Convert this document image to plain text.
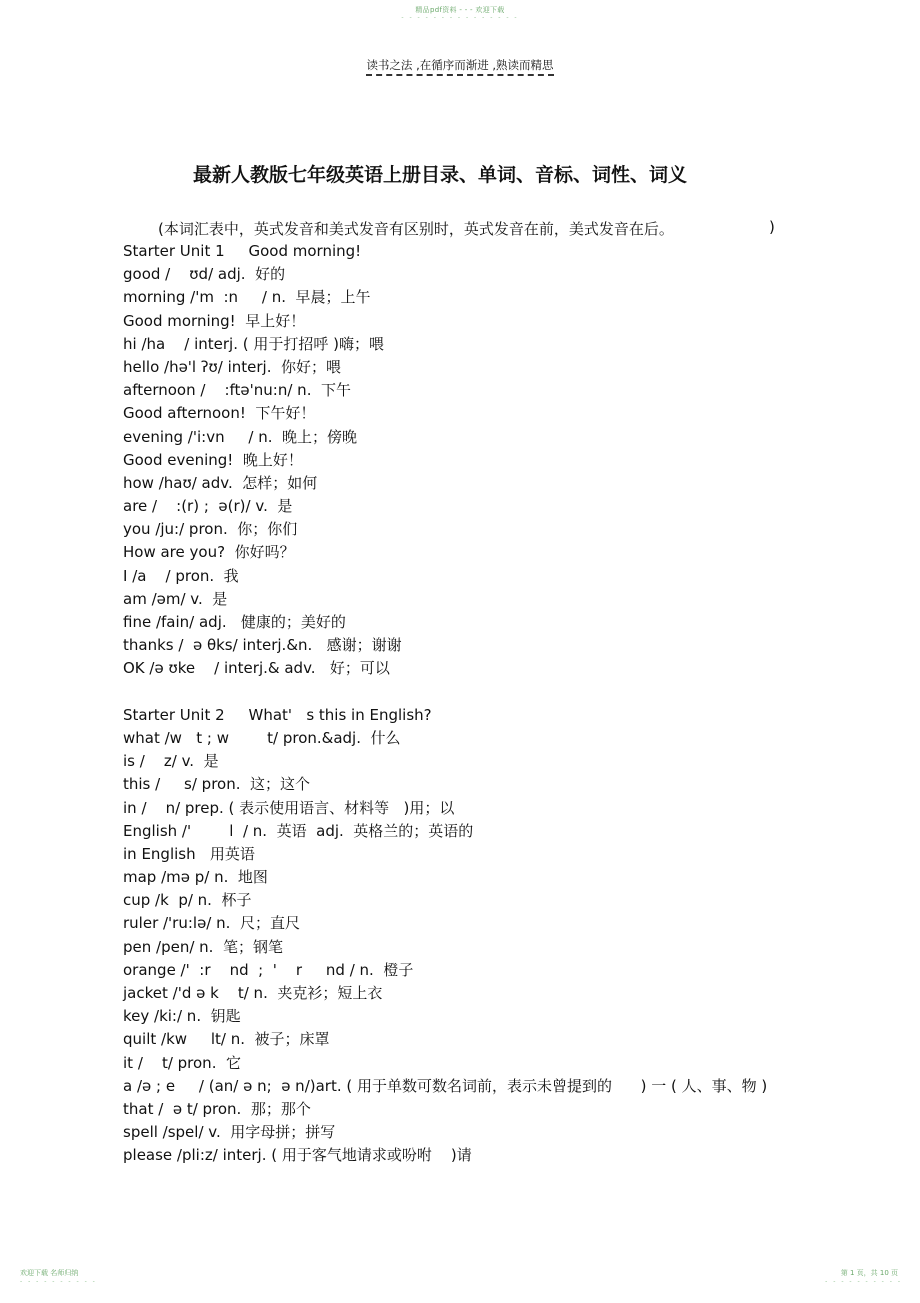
精品pdf资料 - - - 欢迎下载
- - - - - - - - - - - - - - -
读书之法 ,在循序而渐进 ,熟读而精思
最新人教版七年级英语上册目录、单词、音标、词性、词义
(本词汇表中，英式发音和美式发音有区别时，英式发音在前，美式发音在后。	)
Starter Unit 1     Good morning!
good /    ʊd/ adj.  好的
morning /'m  :n     / n.  早晨；上午
Good morning!  早上好！
hi /ha    / interj. ( 用于打招呼 )嗨；喂
hello /hə'l ʔʊ/ interj.  你好；喂
afternoon /    :ftə'nu:n/ n.  下午
Good afternoon!  下午好！
evening /'i:vn     / n.  晚上；傍晚
Good evening!  晚上好！
how /haʊ/ adv.  怎样；如何
are /    :(r) ;  ə(r)/ v.  是
you /ju:/ pron.  你；你们
How are you?  你好吗？
I /a    / pron.  我
am /əm/ v.  是
fine /fain/ adj.   健康的；美好的
thanks /  ə θks/ interj.&n.   感谢；谢谢
OK /ə ʊke    / interj.& adv.   好；可以
Starter Unit 2     What'   s this in English?
what /w   t ; w        t/ pron.&adj.  什么
is /    z/ v.  是
this /     s/ pron.  这；这个
in /    n/ prep. ( 表示使用语言、材料等   )用；以
English /'        l  / n.  英语  adj.  英格兰的；英语的
in English   用英语
map /mə p/ n.  地图
cup /k  p/ n.  杯子
ruler /'ru:lə/ n.  尺；直尺
pen /pen/ n.  笔；钢笔
orange /'  :r    nd  ;  '    r     nd / n.  橙子
jacket /'d ə k    t/ n.  夹克衫；短上衣
key /ki:/ n.  钥匙
quilt /kw     lt/ n.  被子；床罩
it /    t/ pron.  它
a /ə ; e     / (an/ ə n;  ə n/)art. ( 用于单数可数名词前，表示未曾提到的      ) 一 ( 人、事、物 )
that /  ə t/ pron.  那；那个
spell /spel/ v.  用字母拼；拼写
please /pli:z/ interj. ( 用于客气地请求或吩咐    )请
欢迎下载 名师归纳
- - - - - - - - - -
第 1 页，共 10 页
- - - - - - - - - -
